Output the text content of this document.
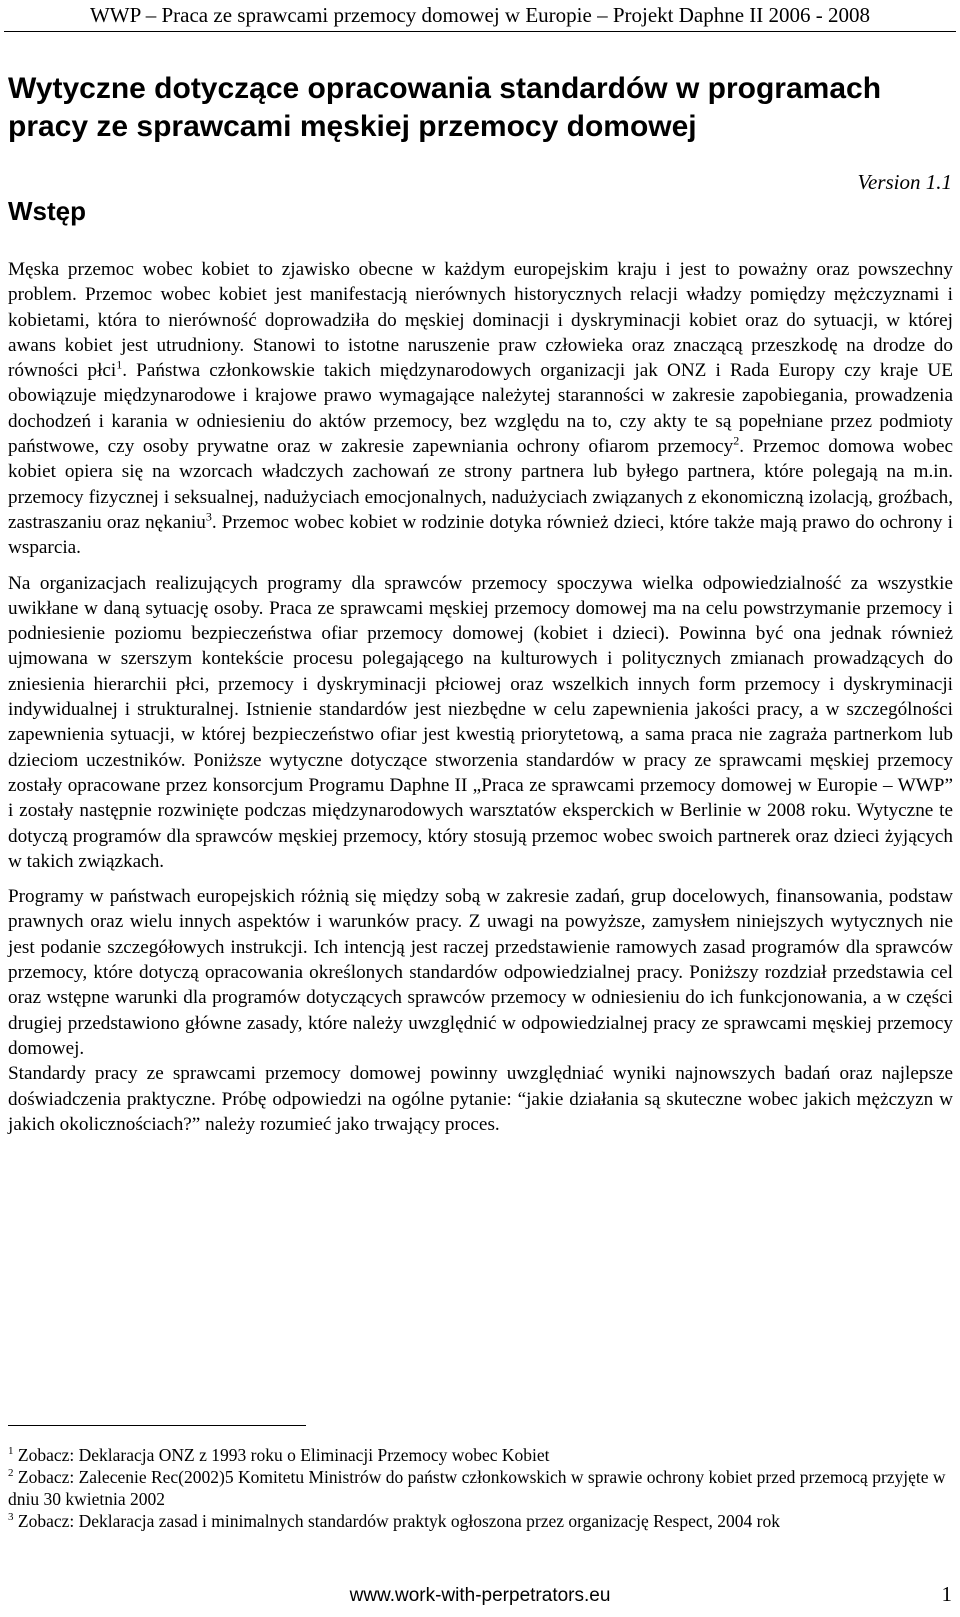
WWP – Praca ze sprawcami przemocy domowej w Europie – Projekt Daphne II 2006 - 2008
Wytyczne dotyczące opracowania standardów w programach
pracy ze sprawcami męskiej przemocy domowej
Version 1.1
Wstęp

Męska przemoc wobec kobiet to zjawisko obecne w każdym europejskim kraju i jest to poważny oraz powszechny problem. Przemoc wobec kobiet jest manifestacją nierównych historycznych relacji władzy pomiędzy mężczyznami i kobietami, która to nierówność doprowadziła do męskiej dominacji i dyskryminacji kobiet oraz do sytuacji, w której awans kobiet jest utrudniony. Stanowi to istotne naruszenie praw człowieka oraz znaczącą przeszkodę na drodze do równości płci$^1$. Państwa członkowskie takich międzynarodowych organizacji jak ONZ i Rada Europy czy kraje UE obowiązuje międzynarodowe i krajowe prawo wymagające należytej staranności w zakresie zapobiegania, prowadzenia dochodzeń i karania w odniesieniu do aktów przemocy, bez względu na to, czy akty te są popełniane przez podmioty państwowe, czy osoby prywatne oraz w zakresie zapewniania ochrony ofiarom przemocy$^2$. Przemoc domowa wobec kobiet opiera się na wzorcach władczych zachowań ze strony partnera lub byłego partnera, które polegają na m.in. przemocy fizycznej i seksualnej, nadużyciach emocjonalnych, nadużyciach związanych z ekonomiczną izolacją, groźbach, zastraszaniu oraz nękaniu$^3$. Przemoc wobec kobiet w rodzinie dotyka również dzieci, które także mają prawo do ochrony i wsparcia.

Na organizacjach realizujących programy dla sprawców przemocy spoczywa wielka odpowiedzialność za wszystkie uwikłane w daną sytuację osoby. Praca ze sprawcami męskiej przemocy domowej ma na celu powstrzymanie przemocy i podniesienie poziomu bezpieczeństwa ofiar przemocy domowej (kobiet i dzieci). Powinna być ona jednak również ujmowana w szerszym kontekście procesu polegającego na kulturowych i politycznych zmianach prowadzących do zniesienia hierarchii płci, przemocy i dyskryminacji płciowej oraz wszelkich innych form przemocy i dyskryminacji indywidualnej i strukturalnej. Istnienie standardów jest niezbędne w celu zapewnienia jakości pracy, a w szczególności zapewnienia sytuacji, w której bezpieczeństwo ofiar jest kwestią priorytetową, a sama praca nie zagraża partnerkom lub dzieciom uczestników. Poniższe wytyczne dotyczące stworzenia standardów w pracy ze sprawcami męskiej przemocy zostały opracowane przez konsorcjum Programu Daphne II „Praca ze sprawcami przemocy domowej w Europie – WWP” i zostały następnie rozwinięte podczas międzynarodowych warsztatów eksperckich w Berlinie w 2008 roku. Wytyczne te dotyczą programów dla sprawców męskiej przemocy, który stosują przemoc wobec swoich partnerek oraz dzieci żyjących w takich związkach.

Programy w państwach europejskich różnią się między sobą w zakresie zadań, grup docelowych, finansowania, podstaw prawnych oraz wielu innych aspektów i warunków pracy. Z uwagi na powyższe, zamysłem niniejszych wytycznych nie jest podanie szczegółowych instrukcji. Ich intencją jest raczej przedstawienie ramowych zasad programów dla sprawców przemocy, które dotyczą opracowania określonych standardów odpowiedzialnej pracy. Poniższy rozdział przedstawia cel oraz wstępne warunki dla programów dotyczących sprawców przemocy w odniesieniu do ich funkcjonowania, a w części drugiej przedstawiono główne zasady, które należy uwzględnić w odpowiedzialnej pracy ze sprawcami męskiej przemocy domowej.

Standardy pracy ze sprawcami przemocy domowej powinny uwzględniać wyniki najnowszych badań oraz najlepsze doświadczenia praktyczne. Próbę odpowiedzi na ogólne pytanie: “jakie działania są skuteczne wobec jakich mężczyzn w jakich okolicznościach?” należy rozumieć jako trwający proces.

$^1$ Zobacz: Deklaracja ONZ z 1993 roku o Eliminacji Przemocy wobec Kobiet

$^2$ Zobacz: Zalecenie Rec(2002)5 Komitetu Ministrów do państw członkowskich w sprawie ochrony kobiet przed przemocą przyjęte w dniu 30 kwietnia 2002

$^3$ Zobacz: Deklaracja zasad i minimalnych standardów praktyk ogłoszona przez organizację Respect, 2004 rok

www.work-with-perpetrators.eu	1
